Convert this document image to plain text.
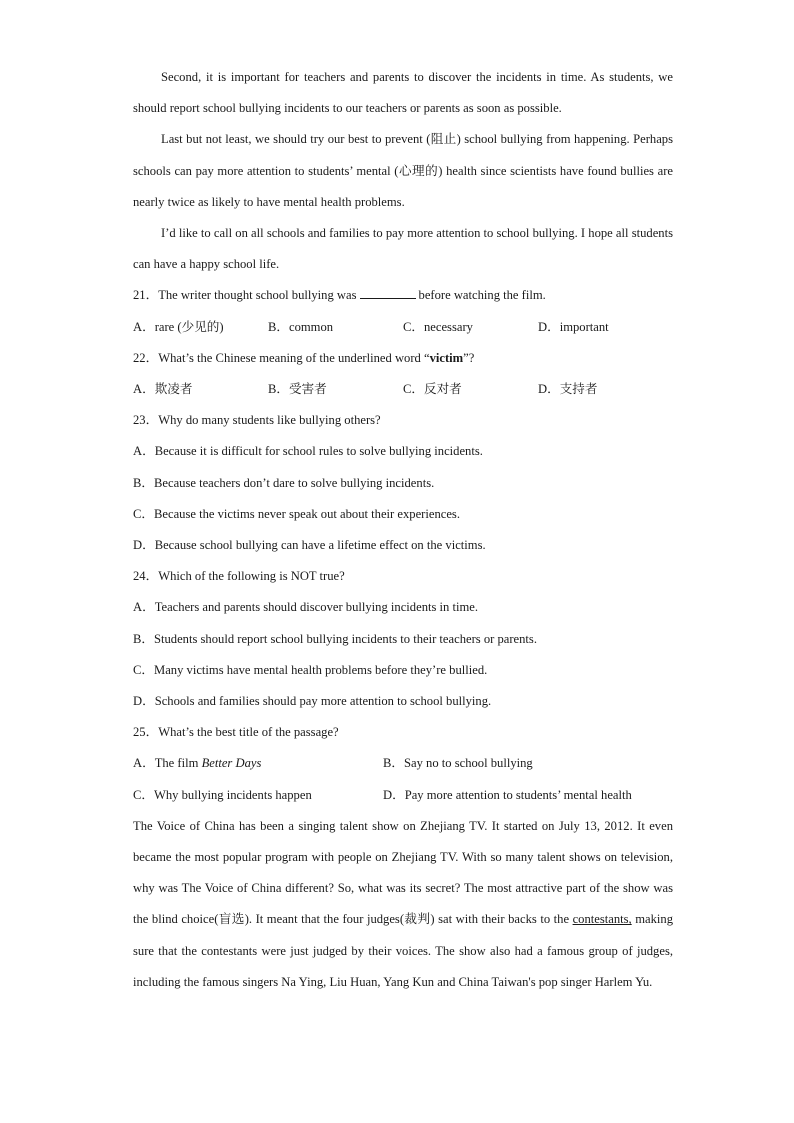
Second, it is important for teachers and parents to discover the incidents in time. As students, we should report school bullying incidents to our teachers or parents as soon as possible.

Last but not least, we should try our best to prevent (阻止) school bullying from happening. Perhaps schools can pay more attention to students’ mental (心理的) health since scientists have found bullies are nearly twice as likely to have mental health problems.

I’d like to call on all schools and families to pay more attention to school bullying. I hope all students can have a happy school life.

21．The writer thought school bullying was	before watching the film.

A．rare (少见的)	B．common	C．necessary	D．important

22．What’s the Chinese meaning of the underlined word “victim”?

A．欺凌者	B．受害者	C．反对者	D．支持者

23．Why do many students like bullying others?

A．Because it is difficult for school rules to solve bullying incidents.

B．Because teachers don’t dare to solve bullying incidents.

C．Because the victims never speak out about their experiences.

D．Because school bullying can have a lifetime effect on the victims.

24．Which of the following is NOT true?

A．Teachers and parents should discover bullying incidents in time.

B．Students should report school bullying incidents to their teachers or parents.

C．Many victims have mental health problems before they’re bullied.

D．Schools and families should pay more attention to school bullying.

25．What’s the best title of the passage?

A．The film Better Days	B．Say no to school bullying

C．Why bullying incidents happen	D．Pay more attention to students’ mental health

The Voice of China has been a singing talent show on Zhejiang TV. It started on July 13, 2012. It even became the most popular program with people on Zhejiang TV. With so many talent shows on television, why was The Voice of China different? So, what was its secret? The most attractive part of the show was the blind choice(盲选). It meant that the four judges(裁判) sat with their backs to the contestants, making sure that the contestants were just judged by their voices. The show also had a famous group of judges, including the famous singers Na Ying, Liu Huan, Yang Kun and China Taiwan's pop singer Harlem Yu.
